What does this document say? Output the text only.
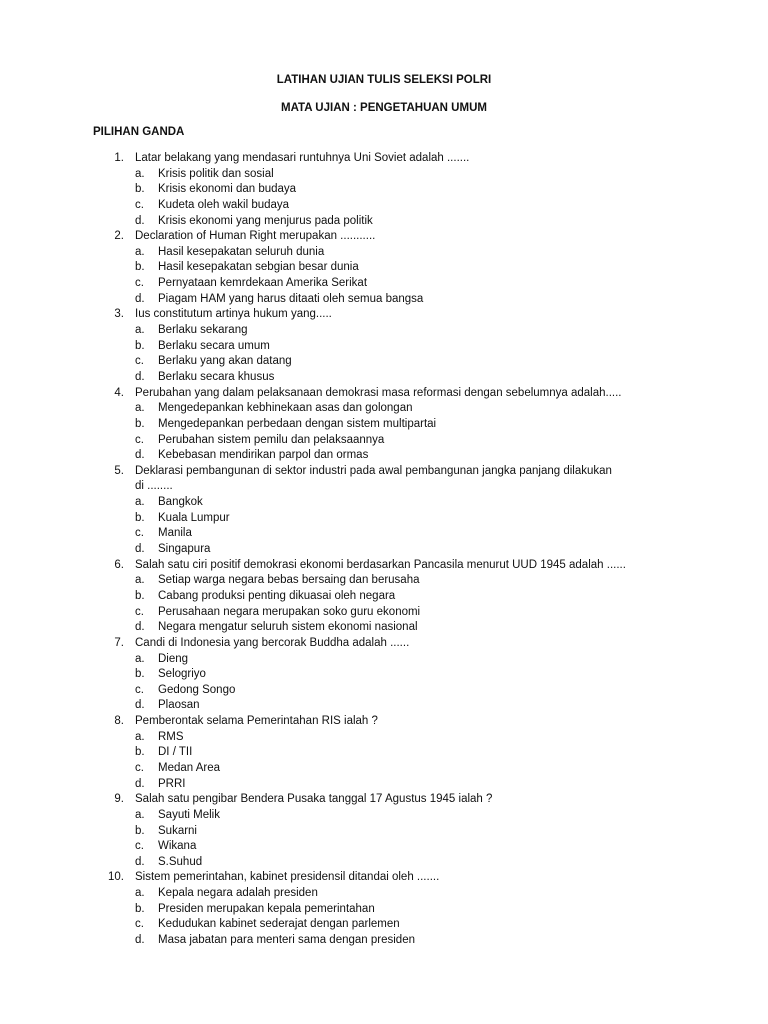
LATIHAN UJIAN TULIS SELEKSI POLRI
MATA UJIAN : PENGETAHUAN UMUM
PILIHAN GANDA
1. Latar belakang yang mendasari runtuhnya Uni Soviet adalah .......
a. Krisis politik dan sosial
b. Krisis ekonomi dan budaya
c. Kudeta oleh wakil budaya
d. Krisis ekonomi yang menjurus pada politik
2. Declaration of Human Right merupakan ...........
a. Hasil kesepakatan seluruh dunia
b. Hasil kesepakatan sebgian besar dunia
c. Pernyataan kemrdekaan Amerika Serikat
d. Piagam HAM yang harus ditaati oleh semua bangsa
3. Ius constitutum artinya hukum yang.....
a. Berlaku sekarang
b. Berlaku secara umum
c. Berlaku yang akan datang
d. Berlaku secara khusus
4. Perubahan yang dalam pelaksanaan demokrasi masa reformasi dengan sebelumnya adalah.....
a. Mengedepankan kebhinekaan asas dan golongan
b. Mengedepankan perbedaan dengan sistem multipartai
c. Perubahan sistem pemilu dan pelaksaannya
d. Kebebasan mendirikan parpol dan ormas
5. Deklarasi pembangunan di sektor industri pada awal pembangunan jangka panjang dilakukan
di ........
a. Bangkok
b. Kuala Lumpur
c. Manila
d. Singapura
6. Salah satu ciri positif demokrasi ekonomi berdasarkan Pancasila menurut UUD 1945 adalah ......
a. Setiap warga negara bebas bersaing dan berusaha
b. Cabang produksi penting dikuasai oleh negara
c. Perusahaan negara merupakan soko guru ekonomi
d. Negara mengatur seluruh sistem ekonomi nasional
7. Candi di Indonesia yang bercorak Buddha adalah ......
a. Dieng
b. Selogriyo
c. Gedong Songo
d. Plaosan
8. Pemberontak selama Pemerintahan RIS ialah ?
a. RMS
b. DI / TII
c. Medan Area
d. PRRI
9. Salah satu pengibar Bendera Pusaka tanggal 17 Agustus 1945 ialah ?
a. Sayuti Melik
b. Sukarni
c. Wikana
d. S.Suhud
10. Sistem pemerintahan, kabinet presidensil ditandai oleh .......
a. Kepala negara adalah presiden
b. Presiden merupakan kepala pemerintahan
c. Kedudukan kabinet sederajat dengan parlemen
d. Masa jabatan para menteri sama dengan presiden
